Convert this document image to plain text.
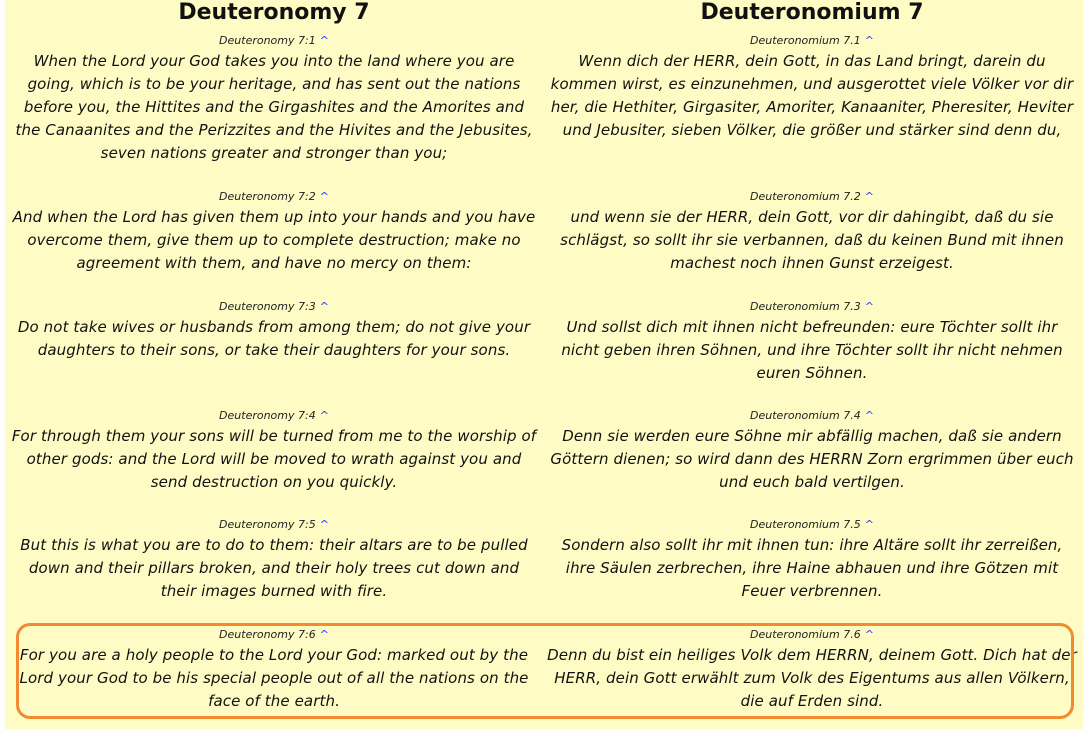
Deuteronomy 7
Deuteronomy 7:1 ^
When the Lord your God takes you into the land where you are going, which is to be your heritage, and has sent out the nations before you, the Hittites and the Girgashites and the Amorites and the Canaanites and the Perizzites and the Hivites and the Jebusites, seven nations greater and stronger than you;
Deuteronomy 7:2 ^
And when the Lord has given them up into your hands and you have overcome them, give them up to complete destruction; make no agreement with them, and have no mercy on them:
Deuteronomy 7:3 ^
Do not take wives or husbands from among them; do not give your daughters to their sons, or take their daughters for your sons.
Deuteronomy 7:4 ^
For through them your sons will be turned from me to the worship of other gods: and the Lord will be moved to wrath against you and send destruction on you quickly.
Deuteronomy 7:5 ^
But this is what you are to do to them: their altars are to be pulled down and their pillars broken, and their holy trees cut down and their images burned with fire.
Deuteronomy 7:6 ^
For you are a holy people to the Lord your God: marked out by the Lord your God to be his special people out of all the nations on the face of the earth.
Deuteronomium 7
Deuteronomium 7.1 ^
Wenn dich der HERR, dein Gott, in das Land bringt, darein du kommen wirst, es einzunehmen, und ausgerottet viele Völker vor dir her, die Hethiter, Girgasiter, Amoriter, Kanaaniter, Pheresiter, Heviter und Jebusiter, sieben Völker, die größer und stärker sind denn du,
Deuteronomium 7.2 ^
und wenn sie der HERR, dein Gott, vor dir dahingibt, daß du sie schlägst, so sollt ihr sie verbannen, daß du keinen Bund mit ihnen machest noch ihnen Gunst erzeigest.
Deuteronomium 7.3 ^
Und sollst dich mit ihnen nicht befreunden: eure Töchter sollt ihr nicht geben ihren Söhnen, und ihre Töchter sollt ihr nicht nehmen euren Söhnen.
Deuteronomium 7.4 ^
Denn sie werden eure Söhne mir abfällig machen, daß sie andern Göttern dienen; so wird dann des HERRN Zorn ergrimmen über euch und euch bald vertilgen.
Deuteronomium 7.5 ^
Sondern also sollt ihr mit ihnen tun: ihre Altäre sollt ihr zerreißen, ihre Säulen zerbrechen, ihre Haine abhauen und ihre Götzen mit Feuer verbrennen.
Deuteronomium 7.6 ^
Denn du bist ein heiliges Volk dem HERRN, deinem Gott. Dich hat der HERR, dein Gott erwählt zum Volk des Eigentums aus allen Völkern, die auf Erden sind.
